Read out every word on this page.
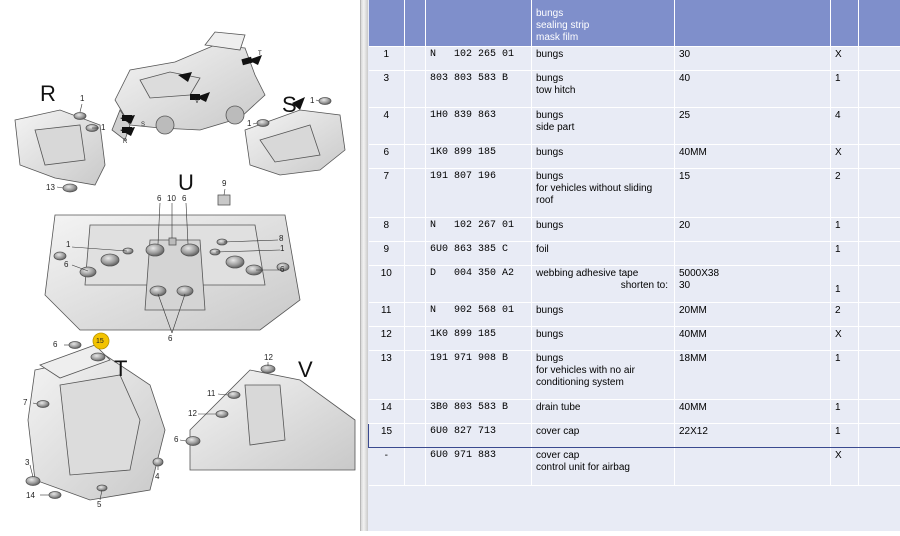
T
S
R
V
R	S
U
T	V
1
1
13
1
1
9
6 10 6
8
1
6
1
6
6
6	15
7
3
14
5
4
12
11
12
6

			bungs
sealing strip
mask film			

1		N   102 265 01	bungs	30	X	
3		803 803 583 B	bungs
tow hitch	40	1	
4		1H0 839 863	bungs
side part	25	4	
6		1K0 899 185	bungs	40MM	X	
7		191 807 196	bungs
for vehicles without sliding
roof	15	2	
8		N   102 267 01	bungs	20	1	
9		6U0 863 385 C	foil		1	
10		D   004 350 A2	webbing adhesive tape
shorten to:	5000X38
30	1	
11		N   902 568 01	bungs	20MM	2	
12		1K0 899 185	bungs	40MM	X	
13		191 971 908 B	bungs
for vehicles with no air
conditioning system	18MM	1	
14		3B0 803 583 B	drain tube	40MM	1	
15		6U0 827 713	cover cap	22X12	1	
-		6U0 971 883	cover cap
control unit for airbag		X	
